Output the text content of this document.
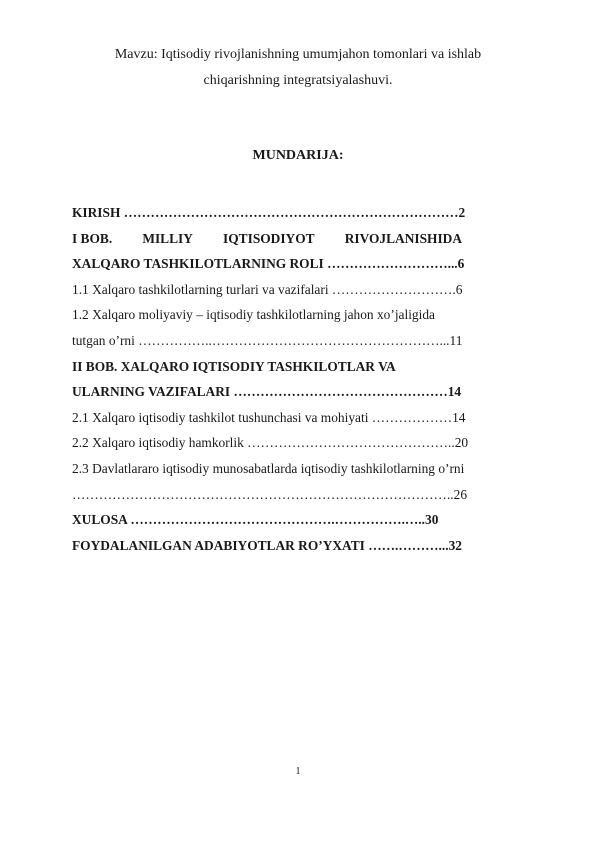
Mavzu: Iqtisodiy rivojlanishning umumjahon tomonlari va ishlab
chiqarishning integratsiyalashuvi.
MUNDARIJA:
KIRISH …………………………………………………………………2
I BOB. MILLIY IQTISODIYOT RIVOJLANISHIDA
XALQARO TASHKILOTLARNING ROLI ………………………...6
1.1 Xalqaro tashkilotlarning turlari va vazifalari ……………………….6
1.2 Xalqaro moliyaviy – iqtisodiy tashkilotlarning jahon xo’jaligida
tutgan o’rni ……………..……………………………………………...11
II BOB. XALQARO IQTISODIY TASHKILOTLAR VA
ULARNING VAZIFALARI …………………………………………14
2.1 Xalqaro iqtisodiy tashkilot tushunchasi va mohiyati ………………14
2.2 Xalqaro iqtisodiy hamkorlik ………………………………………..20
2.3 Davlatlararo iqtisodiy munosabatlarda iqtisodiy tashkilotlarning o’rni
…………………………………………………………………………..26
XULOSA ……………………………………….…………….…..30
FOYDALANILGAN ADABIYOTLAR RO’YXATI …….………...32
1
